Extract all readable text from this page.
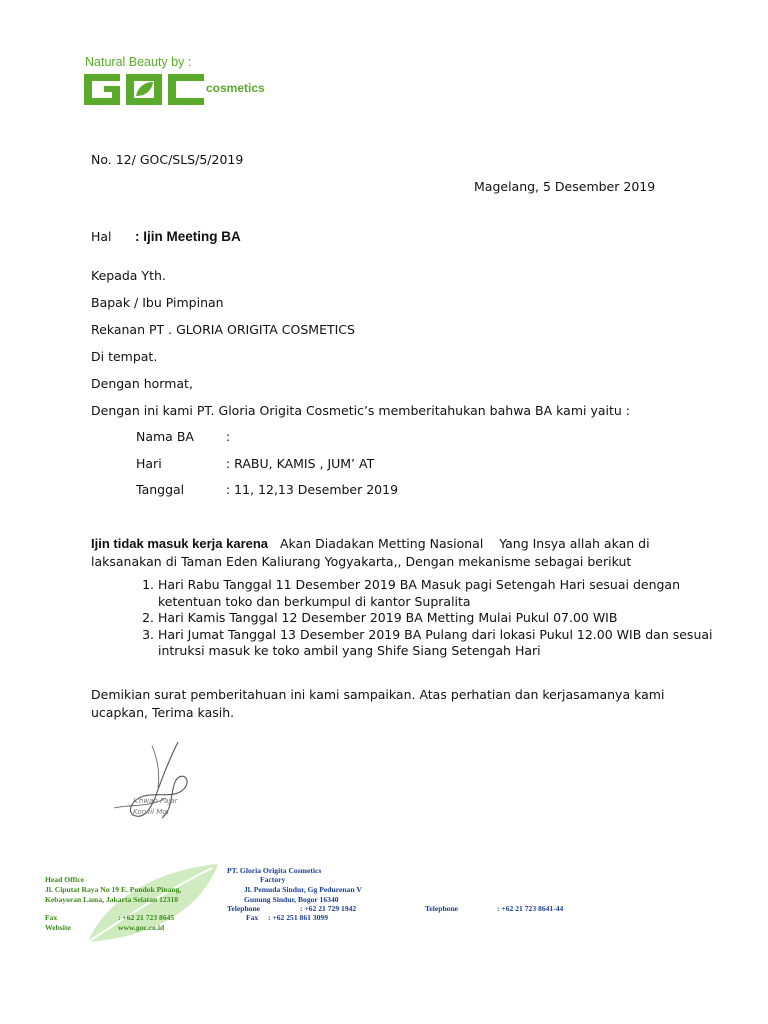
Natural Beauty by :
cosmetics
No. 12/ GOC/SLS/5/2019
Magelang, 5 Desember 2019
Hal : Ijin Meeting BA
Kepada Yth.
Bapak / Ibu Pimpinan
Rekanan PT . GLORIA ORIGITA COSMETICS
Di tempat.
Dengan hormat,
Dengan ini kami PT. Gloria Origita Cosmetic’s memberitahukan bahwa BA kami yaitu :
Nama BA	:
Hari	: RABU, KAMIS , JUM’ AT
Tanggal	: 11, 12,13 Desember 2019
Ijin tidak masuk kerja karena   Akan Diadakan Metting Nasional    Yang Insya allah akan di
laksanakan di Taman Eden Kaliurang Yogyakarta,, Dengan mekanisme sebagai berikut
1. Hari Rabu Tanggal 11 Desember 2019 BA Masuk pagi Setengah Hari sesuai dengan ketentuan toko dan berkumpul di kantor Supralita
2. Hari Kamis Tanggal 12 Desember 2019 BA Metting Mulai Pukul 07.00 WIB
3. Hari Jumat Tanggal 13 Desember 2019 BA Pulang dari lokasi Pukul 12.00 WIB dan sesuai intruksi masuk ke toko ambil yang Shife Siang Setengah Hari
Demikian surat pemberitahuan ini kami sampaikan. Atas perhatian dan kerjasamanya kami
ucapkan, Terima kasih.
Ichwan Fajar
Korwil Mgl
PT. Gloria Origita Cosmetics
Head Office	Factory
Jl. Ciputat Raya No 19 E. Pondok Pinang,	Jl. Pemuda Sindur, Gg Pedurenan V
Kebayoran Lama, Jakarta Selatan 12310	Gunung Sindur, Bogor 16340
Telephone	: +62 21 729 1942	Telephone	: +62 21 723 8641-44
Fax	: +62 21 723 8645	Fax : +62 251 861 3099
Website	www.goc.co.id
